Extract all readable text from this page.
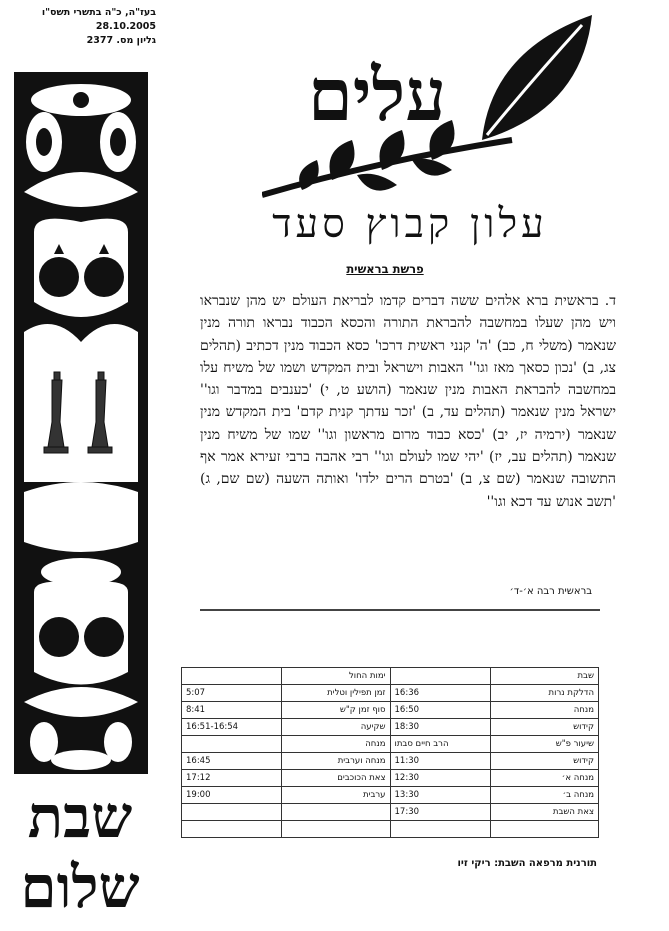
בעז"ה, כ"ה בתשרי תשס"ו
28.10.2005
גליון מס. 2377
שבת
שלום
עלים
עלון קבוץ סעד
פרשת בראשית
ד. בראשית ברא אלהים ששה דברים קדמו לבריאת העולם יש מהן שנבראו ויש מהן שעלו במחשבה להבראת התורה והכסא הכבוד נבראו תורה מנין שנאמר (משלי ח, כב) 'ה' קנני ראשית דרכו' כסא הכבוד מנין דכתיב (תהלים צג, ב) 'נכון כסאך מאז וגו'' האבות וישראל ובית המקדש ושמו של משיח עלו במחשבה להבראת האבות מנין שנאמר (הושע ט, י) 'כענבים במדבר וגו'' ישראל מנין שנאמר (תהלים עד, ב) 'זכר עדתך קנית קדם' בית המקדש מנין שנאמר (ירמיה יז, יב) 'כסא כבוד מרום מראשון וגו'' שמו של משיח מנין שנאמר (תהלים עב, יז) 'יהי שמו לעולם וגו'' רבי אהבה ברבי זעירא אמר אף התשובה שנאמר (שם צ, ב) 'בטרם הרים ילדו' ואותה השעה (שם שם, ג) 'תשב אנוש עד דכא וגו''
בראשית רבה א׳-ד׳
שבת		ימות החול	
הדלקת נרות	16:36	זמן תפילין וטלית	5:07
מנחה	16:50	סוף זמן ק"ש	8:41
קידוש	18:30	שקיעה	16:51-16:54
שיעור פ"ש	הרב חיים סבתו	מנחה	
קידוש	11:30	מנחה וערבית	16:45
מנחה א׳	12:30	צאת הכוכבים	17:12
מנחה ב׳	13:30	ערבית	19:00
צאת השבת	17:30		

תורנית מרפאה השבת: ריקי זיו
